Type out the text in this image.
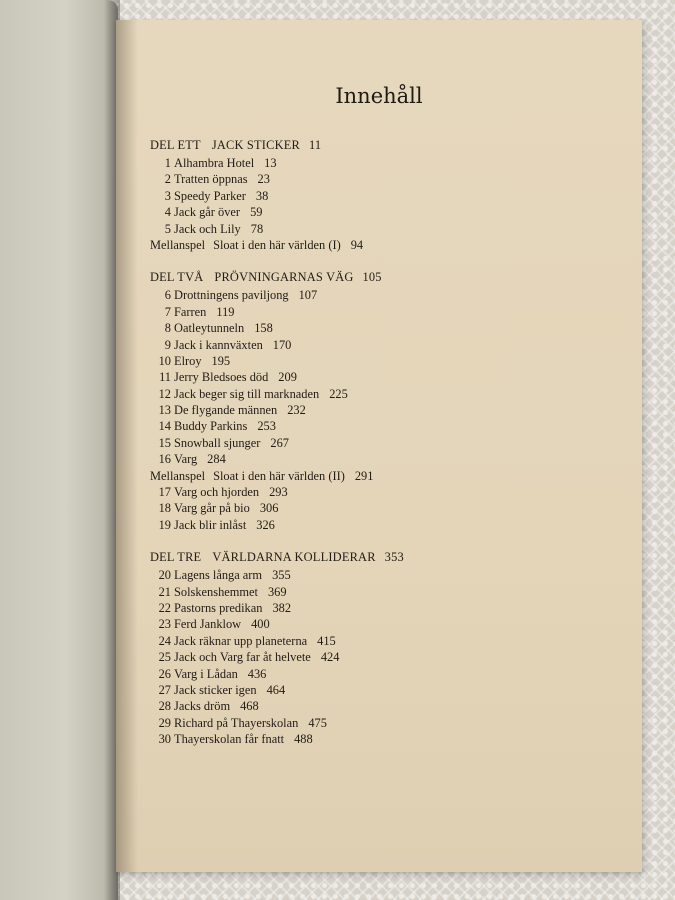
Innehåll
DEL ETT JACK STICKER 11
1 Alhambra Hotel 13
2 Tratten öppnas 23
3 Speedy Parker 38
4 Jack går över 59
5 Jack och Lily 78
Mellanspel Sloat i den här världen (I) 94
DEL TVÅ PRÖVNINGARNAS VÄG 105
6 Drottningens paviljong 107
7 Farren 119
8 Oatleytunneln 158
9 Jack i kannväxten 170
10 Elroy 195
11 Jerry Bledsoes död 209
12 Jack beger sig till marknaden 225
13 De flygande männen 232
14 Buddy Parkins 253
15 Snowball sjunger 267
16 Varg 284
Mellanspel Sloat i den här världen (II) 291
17 Varg och hjorden 293
18 Varg går på bio 306
19 Jack blir inlåst 326
DEL TRE VÄRLDARNA KOLLIDERAR 353
20 Lagens långa arm 355
21 Solskenshemmet 369
22 Pastorns predikan 382
23 Ferd Janklow 400
24 Jack räknar upp planeterna 415
25 Jack och Varg far åt helvete 424
26 Varg i Lådan 436
27 Jack sticker igen 464
28 Jacks dröm 468
29 Richard på Thayerskolan 475
30 Thayerskolan får fnatt 488
